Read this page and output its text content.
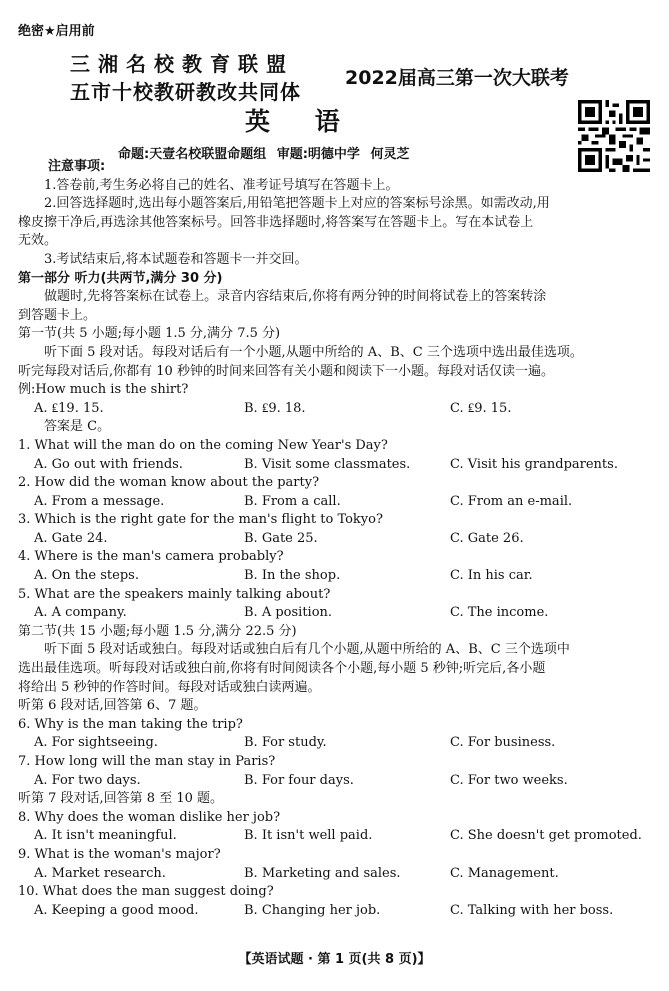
绝密★启用前
三湘名校教育联盟
五市十校教研教改共同体
2022届高三第一次大联考
英 语
命题:天壹名校联盟命题组 审题:明德中学 何灵芝
注意事项:
1.答卷前,考生务必将自己的姓名、准考证号填写在答题卡上。
2.回答选择题时,选出每小题答案后,用铅笔把答题卡上对应的答案标号涂黑。如需改动,用
橡皮擦干净后,再选涂其他答案标号。回答非选择题时,将答案写在答题卡上。写在本试卷上
无效。
3.考试结束后,将本试题卷和答题卡一并交回。
第一部分 听力(共两节,满分 30 分)
做题时,先将答案标在试卷上。录音内容结束后,你将有两分钟的时间将试卷上的答案转涂
到答题卡上。
第一节(共 5 小题;每小题 1.5 分,满分 7.5 分)
听下面 5 段对话。每段对话后有一个小题,从题中所给的 A、B、C 三个选项中选出最佳选项。
听完每段对话后,你都有 10 秒钟的时间来回答有关小题和阅读下一小题。每段对话仅读一遍。
例:How much is the shirt?
A. ₤19. 15.	B. ₤9. 18.	C. ₤9. 15.
答案是 C。
1. What will the man do on the coming New Year's Day?
A. Go out with friends.	B. Visit some classmates.	C. Visit his grandparents.
2. How did the woman know about the party?
A. From a message.	B. From a call.	C. From an e-mail.
3. Which is the right gate for the man's flight to Tokyo?
A. Gate 24.	B. Gate 25.	C. Gate 26.
4. Where is the man's camera probably?
A. On the steps.	B. In the shop.	C. In his car.
5. What are the speakers mainly talking about?
A. A company.	B. A position.	C. The income.
第二节(共 15 小题;每小题 1.5 分,满分 22.5 分)
听下面 5 段对话或独白。每段对话或独白后有几个小题,从题中所给的 A、B、C 三个选项中
选出最佳选项。听每段对话或独白前,你将有时间阅读各个小题,每小题 5 秒钟;听完后,各小题
将给出 5 秒钟的作答时间。每段对话或独白读两遍。
听第 6 段对话,回答第 6、7 题。
6. Why is the man taking the trip?
A. For sightseeing.	B. For study.	C. For business.
7. How long will the man stay in Paris?
A. For two days.	B. For four days.	C. For two weeks.
听第 7 段对话,回答第 8 至 10 题。
8. Why does the woman dislike her job?
A. It isn't meaningful.	B. It isn't well paid.	C. She doesn't get promoted.
9. What is the woman's major?
A. Market research.	B. Marketing and sales.	C. Management.
10. What does the man suggest doing?
A. Keeping a good mood.	B. Changing her job.	C. Talking with her boss.
【英语试题 · 第 1 页(共 8 页)】
